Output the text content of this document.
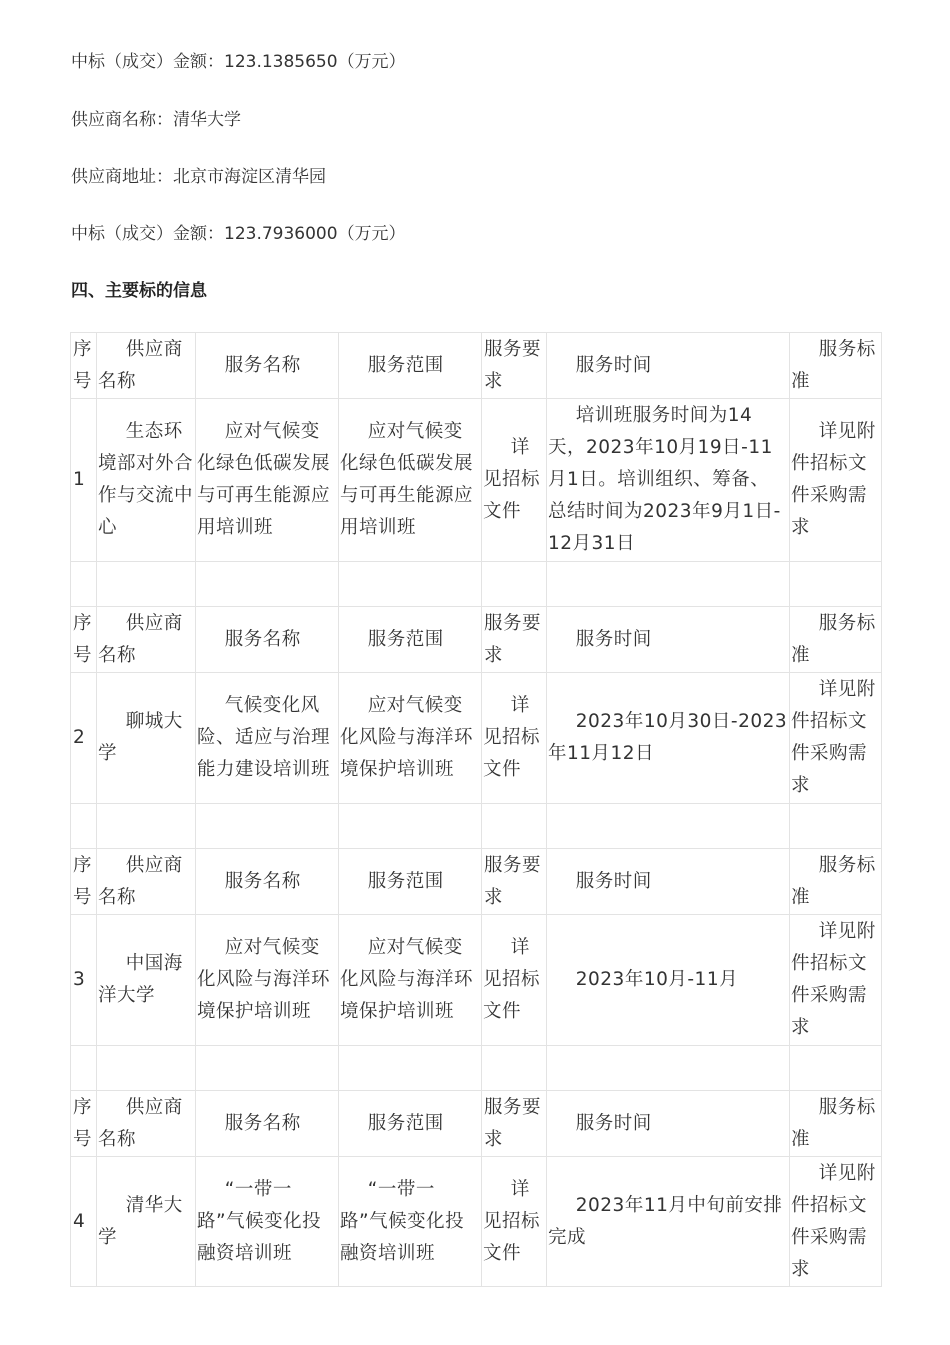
中标（成交）金额：123.1385650（万元）
供应商名称：清华大学
供应商地址：北京市海淀区清华园
中标（成交）金额：123.7936000（万元）
四、主要标的信息
序号	供应商名称	服务名称	服务范围	服务要求	服务时间	服务标准
1	生态环境部对外合作与交流中心	应对气候变化绿色低碳发展与可再生能源应用培训班	应对气候变化绿色低碳发展与可再生能源应用培训班	详见招标文件	培训班服务时间为14天，2023年10月19日-11月1日。培训组织、筹备、总结时间为2023年9月1日-12月31日	详见附件招标文件采购需求

序号	供应商名称	服务名称	服务范围	服务要求	服务时间	服务标准
2	聊城大学	气候变化风险、适应与治理能力建设培训班	应对气候变化风险与海洋环境保护培训班	详见招标文件	2023年10月30日-2023年11月12日	详见附件招标文件采购需求

序号	供应商名称	服务名称	服务范围	服务要求	服务时间	服务标准
3	中国海洋大学	应对气候变化风险与海洋环境保护培训班	应对气候变化风险与海洋环境保护培训班	详见招标文件	2023年10月-11月	详见附件招标文件采购需求

序号	供应商名称	服务名称	服务范围	服务要求	服务时间	服务标准
4	清华大学	“一带一路”气候变化投融资培训班	“一带一路”气候变化投融资培训班	详见招标文件	2023年11月中旬前安排完成	详见附件招标文件采购需求
